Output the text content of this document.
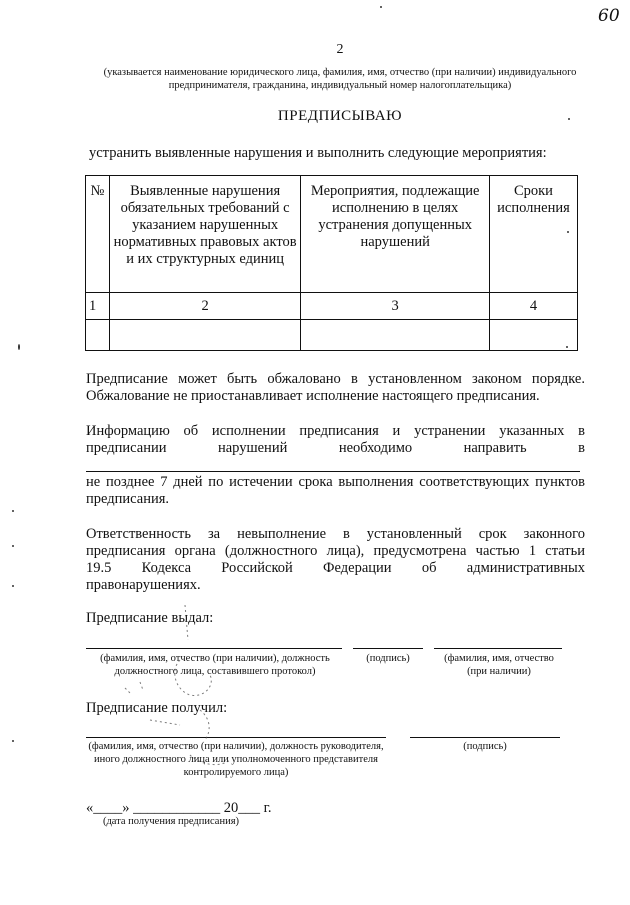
60
2
(указывается наименование юридического лица, фамилия, имя, отчество (при наличии) индивидуального
предпринимателя, гражданина, индивидуальный номер налогоплательщика)
ПРЕДПИСЫВАЮ
устранить выявленные нарушения и выполнить следующие мероприятия:
№	Выявленные нарушения обязательных требований с указанием нарушенных нормативных правовых актов и их структурных единиц	Мероприятия, подлежащие исполнению в целях устранения допущенных нарушений	Сроки исполнения
1	2	3	4

Предписание может быть обжаловано в установленном законом порядке.
Обжалование не приостанавливает исполнение настоящего предписания.
Информацию об исполнении предписания и устранении указанных в
предписании нарушений необходимо направить в
не позднее 7 дней по истечении срока выполнения соответствующих пунктов
предписания.
Ответственность за невыполнение в установленный срок законного
предписания органа (должностного лица), предусмотрена частью 1 статьи
19.5 Кодекса Российской Федерации об административных
правонарушениях.
Предписание выдал:
(фамилия, имя, отчество (при наличии), должность
должностного лица, составившего протокол)
(подпись)	(фамилия, имя, отчество
(при наличии)
Предписание получил:
(фамилия, имя, отчество (при наличии), должность руководителя,
иного должностного лица или уполномоченного представителя
контролируемого лица)
(подпись)
«____» ____________ 20___ г.
(дата получения предписания)
